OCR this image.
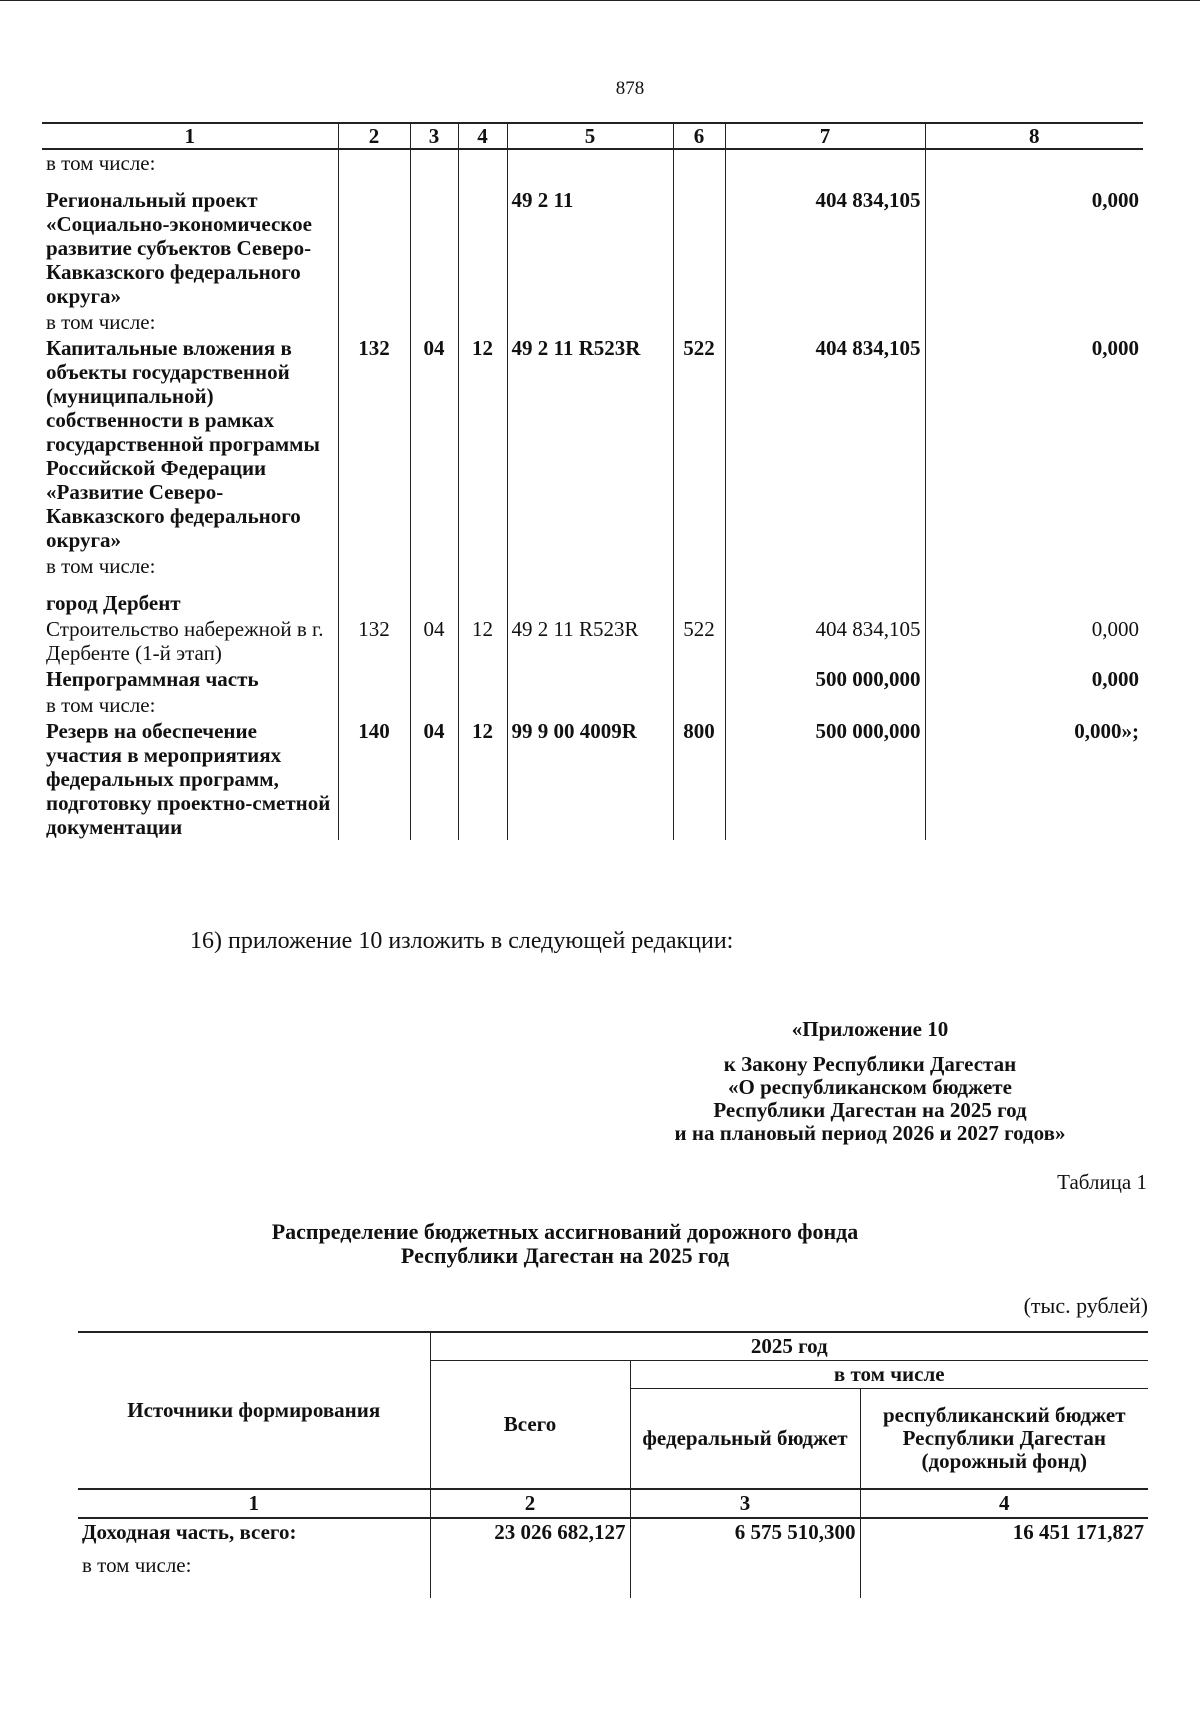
878
1	2	3	4	5	6	7	8
в том числе:							
Региональный проект «Социально-экономическое развитие субъектов Северо-Кавказского федерального округа»				49 2 11		404 834,105	0,000
в том числе:							
Капитальные вложения в объекты государственной (муниципальной) собственности в рамках государственной программы Российской Федерации «Развитие Северо-Кавказского федерального округа»	132	04	12	49 2 11 R523R	522	404 834,105	0,000
в том числе:							
город Дербент							
Строительство набережной в г. Дербенте (1-й этап)	132	04	12	49 2 11 R523R	522	404 834,105	0,000
Непрограммная часть						500 000,000	0,000
в том числе:							
Резерв на обеспечение участия в мероприятиях федеральных программ, подготовку проектно-сметной документации	140	04	12	99 9 00 4009R	800	500 000,000	0,000»;
16) приложение 10 изложить в следующей редакции:
«Приложение 10
к Закону Республики Дагестан
«О республиканском бюджете
Республики Дагестан на 2025 год
и на плановый период 2026 и 2027 годов»
Таблица 1
Распределение бюджетных ассигнований дорожного фонда
Республики Дагестан на 2025 год
(тыс. рублей)
Источники формирования	2025 год		
	Всего	в том числе	
		федеральный бюджет	республиканский бюджет Республики Дагестан (дорожный фонд)
1	2	3	4
Доходная часть, всего:	23 026 682,127	6 575 510,300	16 451 171,827
в том числе:			
